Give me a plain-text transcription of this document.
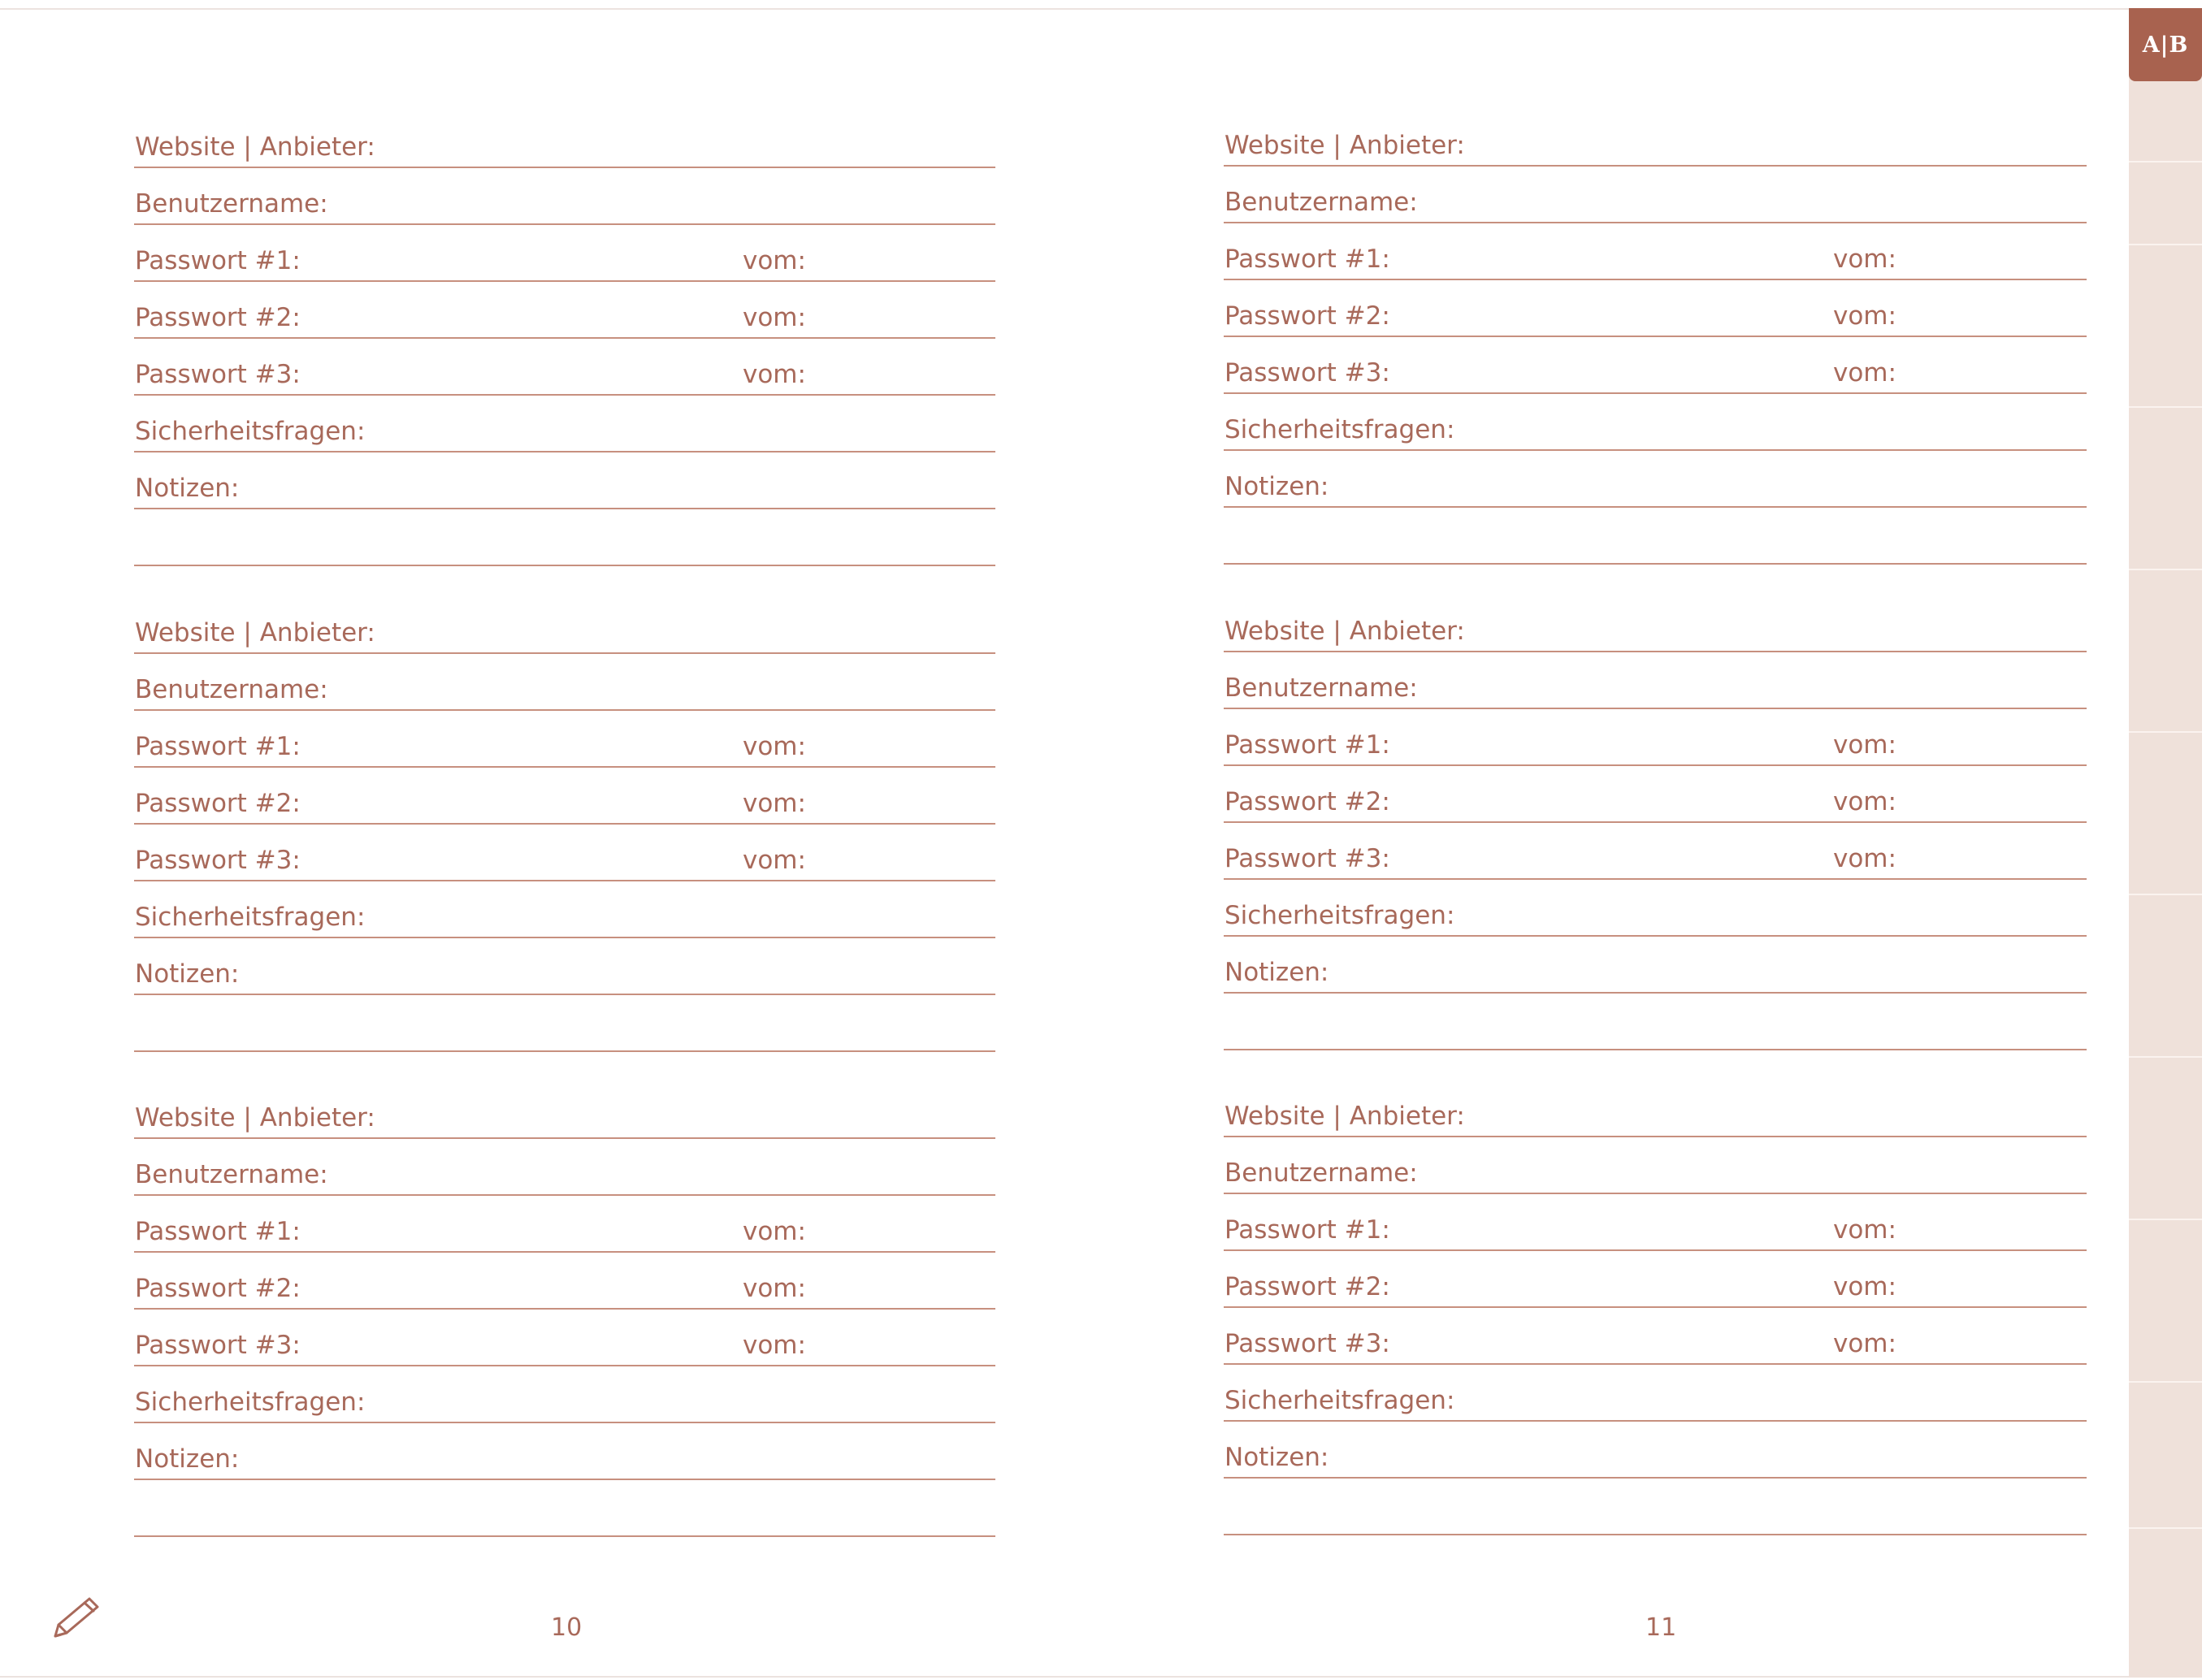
Website | Anbieter:
Benutzername:
Passwort #1:	vom:
Passwort #2:	vom:
Passwort #3:	vom:
Sicherheitsfragen:
Notizen:
Website | Anbieter:
Benutzername:
Passwort #1:	vom:
Passwort #2:	vom:
Passwort #3:	vom:
Sicherheitsfragen:
Notizen:
Website | Anbieter:
Benutzername:
Passwort #1:	vom:
Passwort #2:	vom:
Passwort #3:	vom:
Sicherheitsfragen:
Notizen:
10
Website | Anbieter:
Benutzername:
Passwort #1:	vom:
Passwort #2:	vom:
Passwort #3:	vom:
Sicherheitsfragen:
Notizen:
Website | Anbieter:
Benutzername:
Passwort #1:	vom:
Passwort #2:	vom:
Passwort #3:	vom:
Sicherheitsfragen:
Notizen:
Website | Anbieter:
Benutzername:
Passwort #1:	vom:
Passwort #2:	vom:
Passwort #3:	vom:
Sicherheitsfragen:
Notizen:
11
A|B
